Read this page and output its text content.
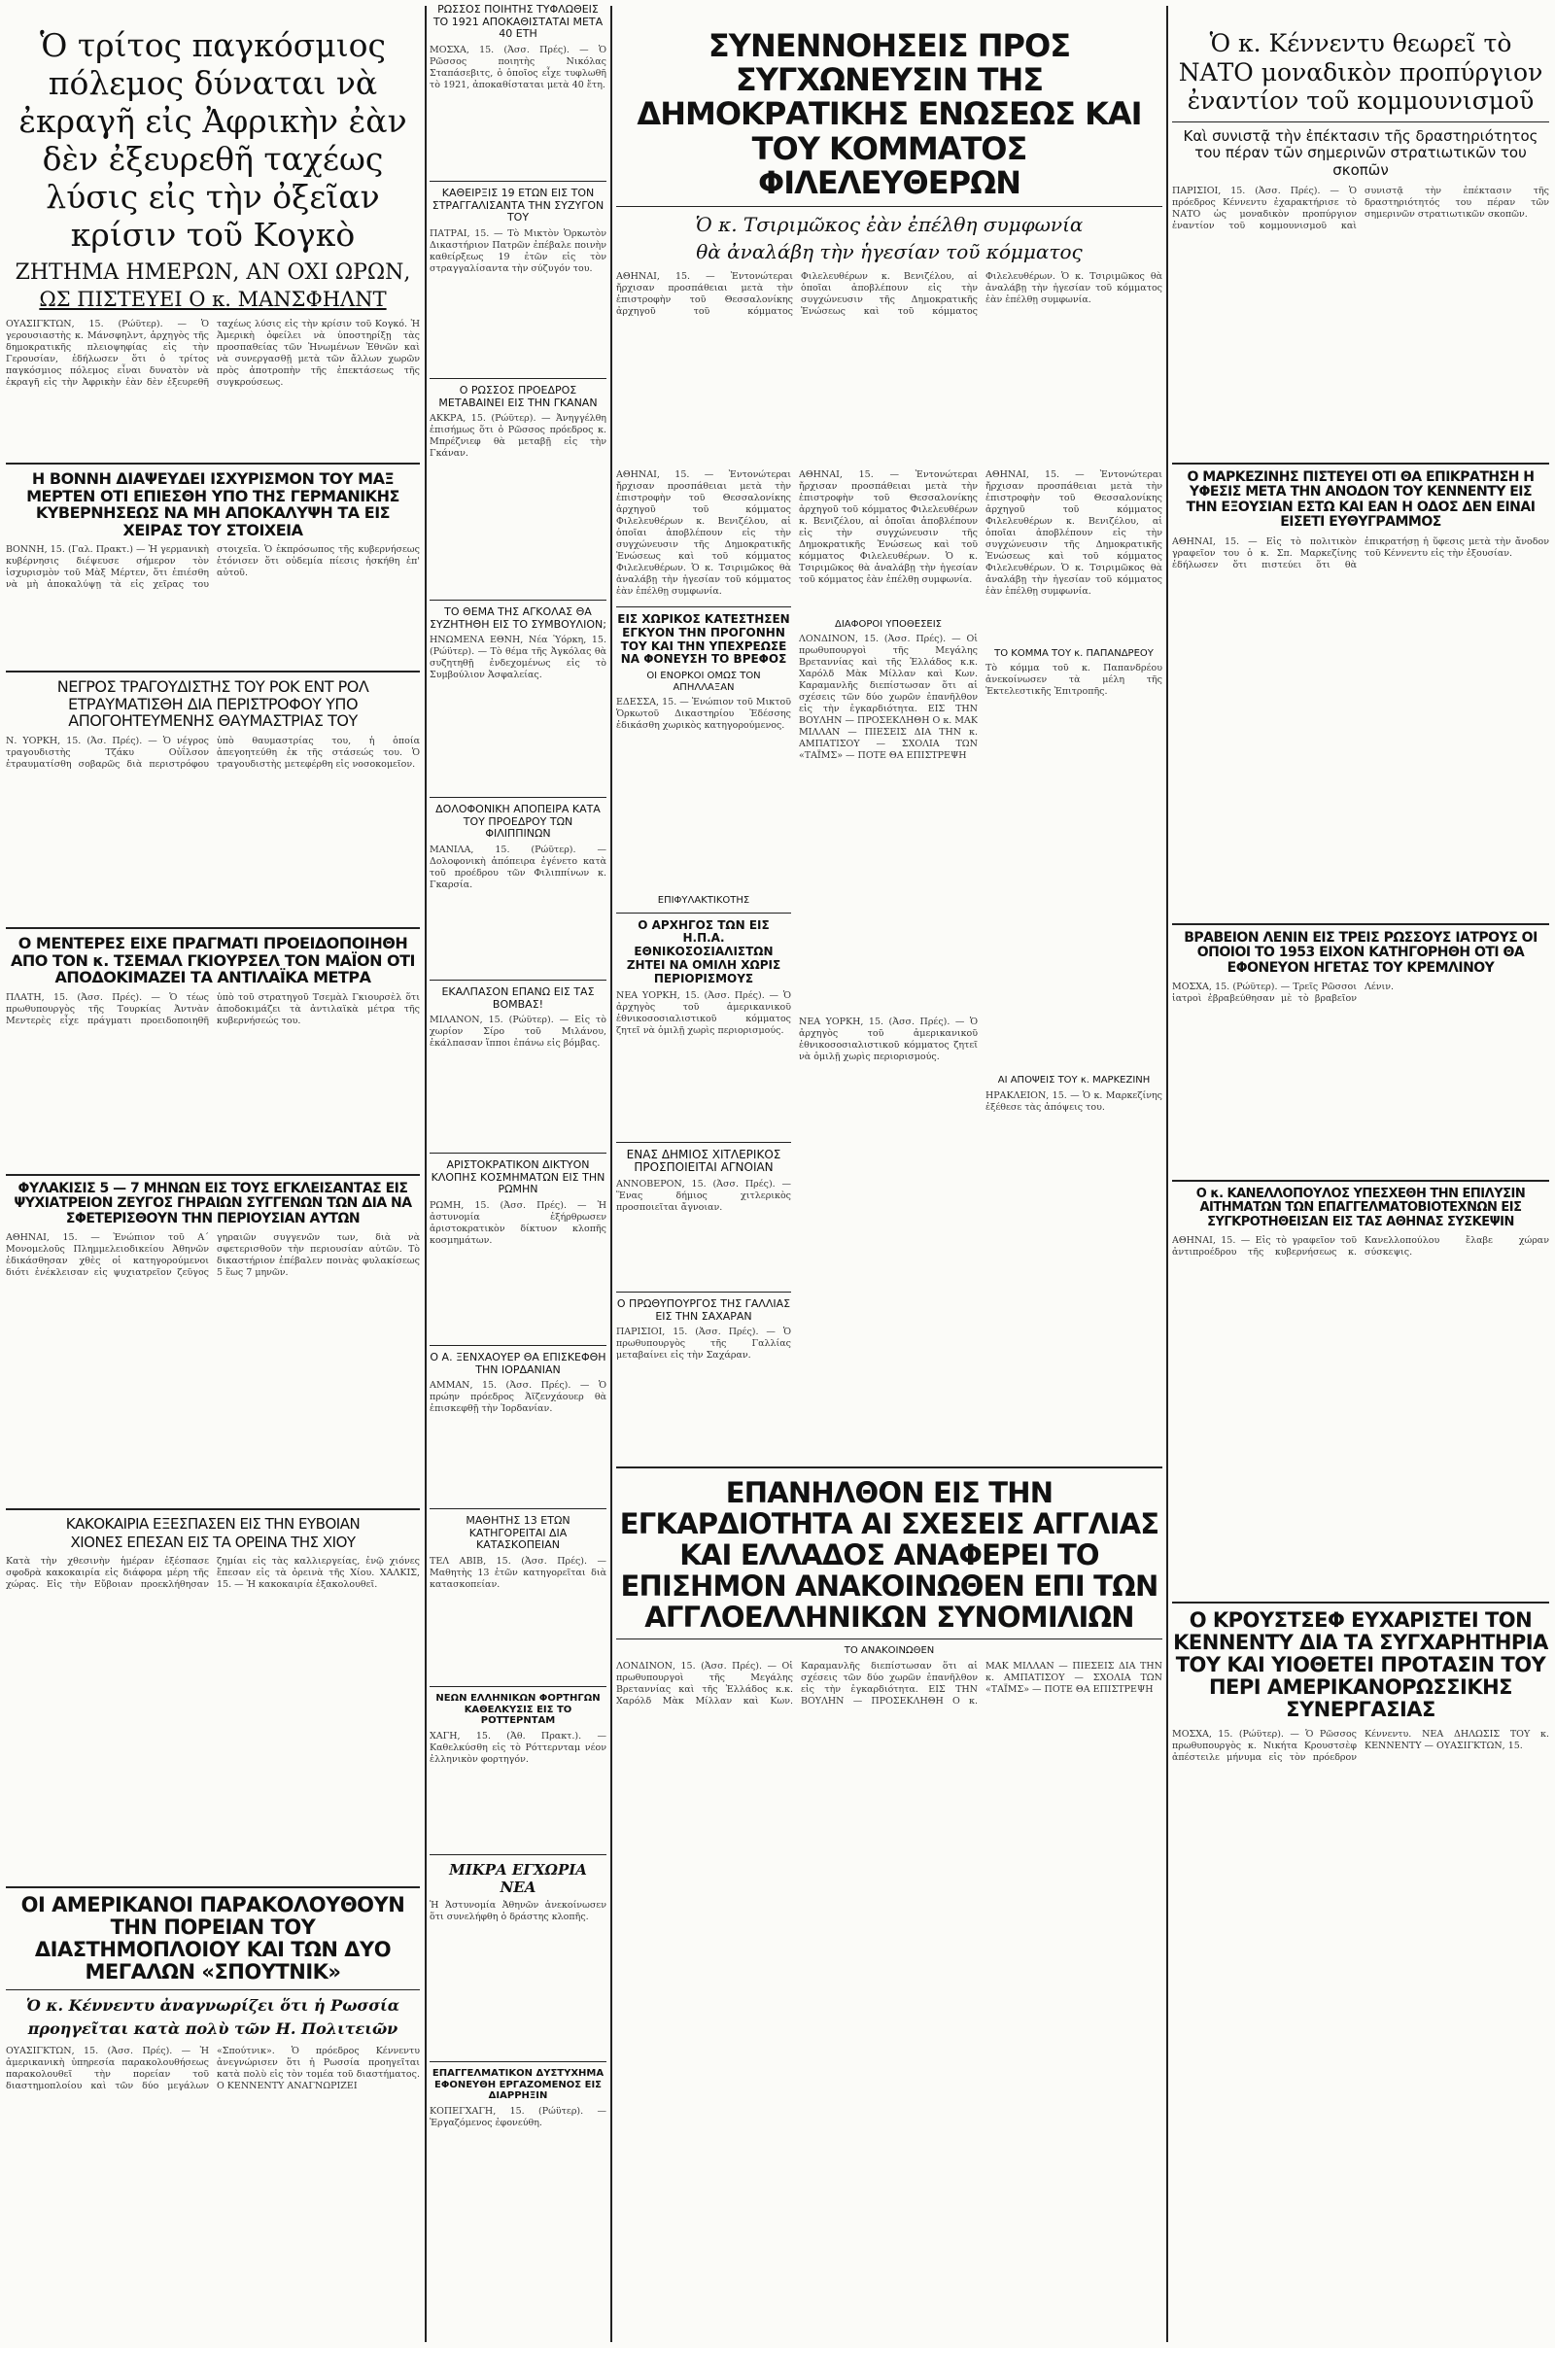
Ὁ τρίτος παγκόσμιος πόλεμος δύναται νὰ ἐκραγῆ εἰς Ἀφρικὴν ἐὰν δὲν ἐξευρεθῆ ταχέως λύσις εἰς τὴν ὀξεῖαν κρίσιν τοῦ Κογκὸ
ΖΗΤΗΜΑ ΗΜΕΡΩΝ, ΑΝ ΟΧΙ ΩΡΩΝ,
ΩΣ ΠΙΣΤΕΥΕΙ Ο κ. ΜΑΝΣΦΗΛΝΤ
ΟΥΑΣΙΓΚΤΩΝ, 15. (Ρώϋτερ). — Ὁ γερουσιαστὴς κ. Μάνσφηλντ, ἀρχηγὸς τῆς δημοκρατικῆς πλειοψηφίας εἰς τὴν Γερουσίαν, ἐδήλωσεν ὅτι ὁ τρίτος παγκόσμιος πόλεμος εἶναι δυνατὸν νὰ ἐκραγῆ εἰς τὴν Ἀφρικὴν ἐὰν δὲν ἐξευρεθῆ ταχέως λύσις εἰς τὴν κρίσιν τοῦ Κογκό. Ἡ Ἀμερικὴ ὀφείλει νὰ ὑποστηρίξῃ τὰς προσπαθείας τῶν Ἡνωμένων Ἐθνῶν καὶ νὰ συνεργασθῇ μετὰ τῶν ἄλλων χωρῶν πρὸς ἀποτροπὴν τῆς ἐπεκτάσεως τῆς συγκρούσεως.
Η ΒΟΝΝΗ ΔΙΑΨΕΥΔΕΙ ΙΣΧΥΡΙΣΜΟΝ ΤΟΥ ΜΑΞ ΜΕΡΤΕΝ ΟΤΙ ΕΠΙΕΣΘΗ ΥΠΟ ΤΗΣ ΓΕΡΜΑΝΙΚΗΣ ΚΥΒΕΡΝΗΣΕΩΣ ΝΑ ΜΗ ΑΠΟΚΑΛΥΨΗ ΤΑ ΕΙΣ ΧΕΙΡΑΣ ΤΟΥ ΣΤΟΙΧΕΙΑ
ΒΟΝΝΗ, 15. (Γαλ. Πρακτ.) — Ἡ γερμανικὴ κυβέρνησις διέψευσε σήμερον τὸν ἰσχυρισμὸν τοῦ Μὰξ Μέρτεν, ὅτι ἐπιέσθη νὰ μὴ ἀποκαλύψῃ τὰ εἰς χεῖρας του στοιχεῖα. Ὁ ἐκπρόσωπος τῆς κυβερνήσεως ἐτόνισεν ὅτι οὐδεμία πίεσις ἠσκήθη ἐπ' αὐτοῦ.
ΝΕΓΡΟΣ ΤΡΑΓΟΥΔΙΣΤΗΣ ΤΟΥ ΡΟΚ ΕΝΤ ΡΟΛ ΕΤΡΑΥΜΑΤΙΣΘΗ ΔΙΑ ΠΕΡΙΣΤΡΟΦΟΥ ΥΠΟ ΑΠΟΓΟΗΤΕΥΜΕΝΗΣ ΘΑΥΜΑΣΤΡΙΑΣ ΤΟΥ
Ν. ΥΟΡΚΗ, 15. (Ἀσ. Πρές). — Ὁ νέγρος τραγουδιστὴς Τζάκυ Οὐΐλσον ἐτραυματίσθη σοβαρῶς διὰ περιστρόφου ὑπὸ θαυμαστρίας του, ἡ ὁποία ἀπεγοητεύθη ἐκ τῆς στάσεώς του. Ὁ τραγουδιστὴς μετεφέρθη εἰς νοσοκομεῖον.
Ο ΜΕΝΤΕΡΕΣ ΕΙΧΕ ΠΡΑΓΜΑΤΙ ΠΡΟΕΙΔΟΠΟΙΗΘΗ ΑΠΟ ΤΟΝ κ. ΤΣΕΜΑΛ ΓΚΙΟΥΡΣΕΛ ΤΟΝ ΜΑΪΟΝ ΟΤΙ ΑΠΟΔΟΚΙΜΑΖΕΙ ΤΑ ΑΝΤΙΛΑΪΚΑ ΜΕΤΡΑ
ΠΛΑΤΗ, 15. (Ἀσσ. Πρές). — Ὁ τέως πρωθυπουργὸς τῆς Τουρκίας Ἀντνὰν Μεντερὲς εἶχε πράγματι προειδοποιηθῆ ὑπὸ τοῦ στρατηγοῦ Τσεμὰλ Γκιουρσὲλ ὅτι ἀποδοκιμάζει τὰ ἀντιλαϊκὰ μέτρα τῆς κυβερνήσεώς του.
ΦΥΛΑΚΙΣΙΣ 5 — 7 ΜΗΝΩΝ ΕΙΣ ΤΟΥΣ ΕΓΚΛΕΙΣΑΝΤΑΣ ΕΙΣ ΨΥΧΙΑΤΡΕΙΟΝ ΖΕΥΓΟΣ ΓΗΡΑΙΩΝ ΣΥΓΓΕΝΩΝ ΤΩΝ ΔΙΑ ΝΑ ΣΦΕΤΕΡΙΣΘΟΥΝ ΤΗΝ ΠΕΡΙΟΥΣΙΑΝ ΑΥΤΩΝ
ΑΘΗΝΑΙ, 15. — Ἐνώπιον τοῦ Α΄ Μονομελοῦς Πλημμελειοδικείου Ἀθηνῶν ἐδικάσθησαν χθὲς οἱ κατηγορούμενοι διότι ἐνέκλεισαν εἰς ψυχιατρεῖον ζεῦγος γηραιῶν συγγενῶν των, διὰ νὰ σφετερισθοῦν τὴν περιουσίαν αὐτῶν. Τὸ δικαστήριον ἐπέβαλεν ποινὰς φυλακίσεως 5 ἕως 7 μηνῶν.
ΚΑΚΟΚΑΙΡΙΑ ΕΞΕΣΠΑΣΕΝ ΕΙΣ ΤΗΝ ΕΥΒΟΙΑΝ
ΧΙΟΝΕΣ ΕΠΕΣΑΝ ΕΙΣ ΤΑ ΟΡΕΙΝΑ ΤΗΣ ΧΙΟΥ
Κατὰ τὴν χθεσινὴν ἡμέραν ἐξέσπασε σφοδρὰ κακοκαιρία εἰς διάφορα μέρη τῆς χώρας. Εἰς τὴν Εὔβοιαν προεκλήθησαν ζημίαι εἰς τὰς καλλιεργείας, ἐνῷ χιόνες ἔπεσαν εἰς τὰ ὀρεινὰ τῆς Χίου. ΧΑΛΚΙΣ, 15. — Ἡ κακοκαιρία ἐξακολουθεῖ.
ΟΙ ΑΜΕΡΙΚΑΝΟΙ ΠΑΡΑΚΟΛΟΥΘΟΥΝ ΤΗΝ ΠΟΡΕΙΑΝ ΤΟΥ ΔΙΑΣΤΗΜΟΠΛΟΙΟΥ ΚΑΙ ΤΩΝ ΔΥΟ ΜΕΓΑΛΩΝ «ΣΠΟΥΤΝΙΚ»
Ὁ κ. Κέννεντυ ἀναγνωρίζει ὅτι ἡ Ρωσσία
προηγεῖται κατὰ πολὺ τῶν Η. Πολιτειῶν
ΟΥΑΣΙΓΚΤΩΝ, 15. (Ἀσσ. Πρές). — Ἡ ἀμερικανικὴ ὑπηρεσία παρακολουθήσεως παρακολουθεῖ τὴν πορείαν τοῦ διαστημοπλοίου καὶ τῶν δύο μεγάλων «Σπούτνικ». Ὁ πρόεδρος Κέννεντυ ἀνεγνώρισεν ὅτι ἡ Ρωσσία προηγεῖται κατὰ πολὺ εἰς τὸν τομέα τοῦ διαστήματος. Ο ΚΕΝΝΕΝΤΥ ΑΝΑΓΝΩΡΙΖΕΙ
ΡΩΣΣΟΣ ΠΟΙΗΤΗΣ ΤΥΦΛΩΘΕΙΣ ΤΟ 1921 ΑΠΟΚΑΘΙΣΤΑΤΑΙ ΜΕΤΑ 40 ΕΤΗ
ΜΟΣΧΑ, 15. (Ἀσσ. Πρές). — Ὁ Ρῶσσος ποιητὴς Νικόλας Σταπάσεβιτς, ὁ ὁποῖος εἶχε τυφλωθῆ τὸ 1921, ἀποκαθίσταται μετὰ 40 ἔτη.
ΚΑΘΕΙΡΞΙΣ 19 ΕΤΩΝ ΕΙΣ ΤΟΝ ΣΤΡΑΓΓΑΛΙΣΑΝΤΑ ΤΗΝ ΣΥΖΥΓΟΝ ΤΟΥ
ΠΑΤΡΑΙ, 15. — Τὸ Μικτὸν Ὁρκωτὸν Δικαστήριον Πατρῶν ἐπέβαλε ποινὴν καθείρξεως 19 ἐτῶν εἰς τὸν στραγγαλίσαντα τὴν σύζυγόν του.
Ο ΡΩΣΣΟΣ ΠΡΟΕΔΡΟΣ ΜΕΤΑΒΑΙΝΕΙ ΕΙΣ ΤΗΝ ΓΚΑΝΑΝ
ΑΚΚΡΑ, 15. (Ρώϋτερ). — Ἀνηγγέλθη ἐπισήμως ὅτι ὁ Ρῶσσος πρόεδρος κ. Μπρέζνιεφ θὰ μεταβῇ εἰς τὴν Γκάναν.
ΤΟ ΘΕΜΑ ΤΗΣ ΑΓΚΟΛΑΣ ΘΑ ΣΥΖΗΤΗΘΗ ΕΙΣ ΤΟ ΣΥΜΒΟΥΛΙΟΝ;
ΗΝΩΜΕΝΑ ΕΘΝΗ, Νέα Ὑόρκη, 15. (Ρώϋτερ). — Τὸ θέμα τῆς Ἀγκόλας θὰ συζητηθῇ ἐνδεχομένως εἰς τὸ Συμβούλιον Ἀσφαλείας.
ΔΟΛΟΦΟΝΙΚΗ ΑΠΟΠΕΙΡΑ ΚΑΤΑ ΤΟΥ ΠΡΟΕΔΡΟΥ ΤΩΝ ΦΙΛΙΠΠΙΝΩΝ
ΜΑΝΙΛΑ, 15. (Ρώϋτερ). — Δολοφονικὴ ἀπόπειρα ἐγένετο κατὰ τοῦ προέδρου τῶν Φιλιππίνων κ. Γκαρσία.
ΕΚΑΛΠΑΣΟΝ ΕΠΑΝΩ ΕΙΣ ΤΑΣ ΒΟΜΒΑΣ!
ΜΙΛΑΝΟΝ, 15. (Ρώϋτερ). — Εἰς τὸ χωρίον Σίρο τοῦ Μιλάνου, ἐκάλπασαν ἵπποι ἐπάνω εἰς βόμβας.
ΑΡΙΣΤΟΚΡΑΤΙΚΟΝ ΔΙΚΤΥΟΝ ΚΛΟΠΗΣ ΚΟΣΜΗΜΑΤΩΝ ΕΙΣ ΤΗΝ ΡΩΜΗΝ
ΡΩΜΗ, 15. (Ἀσσ. Πρές). — Ἡ ἀστυνομία ἐξήρθρωσεν ἀριστοκρατικὸν δίκτυον κλοπῆς κοσμημάτων.
Ο Α. ΞΕΝΧΑΟΥΕΡ ΘΑ ΕΠΙΣΚΕΦΘΗ ΤΗΝ ΙΟΡΔΑΝΙΑΝ
ΑΜΜΑΝ, 15. (Ἀσσ. Πρές). — Ὁ πρώην πρόεδρος Ἀϊζενχάουερ θὰ ἐπισκεφθῇ τὴν Ἰορδανίαν.
ΜΑΘΗΤΗΣ 13 ΕΤΩΝ ΚΑΤΗΓΟΡΕΙΤΑΙ ΔΙΑ ΚΑΤΑΣΚΟΠΕΙΑΝ
ΤΕΛ ΑΒΙΒ, 15. (Ἀσσ. Πρές). — Μαθητὴς 13 ἐτῶν κατηγορεῖται διὰ κατασκοπείαν.
ΝΕΩΝ ΕΛΛΗΝΙΚΩΝ ΦΟΡΤΗΓΩΝ ΚΑΘΕΛΚΥΣΙΣ ΕΙΣ ΤΟ ΡΟΤΤΕΡΝΤΑΜ
ΧΑΓΗ, 15. (Ἀθ. Πρακτ.). — Καθελκύσθη εἰς τὸ Ρόττερνταμ νέον ἑλληνικὸν φορτηγόν.
ΜΙΚΡΑ ΕΓΧΩΡΙΑ ΝΕΑ
Ἡ Ἀστυνομία Ἀθηνῶν ἀνεκοίνωσεν ὅτι συνελήφθη ὁ δράστης κλοπῆς.
ΕΠΑΓΓΕΛΜΑΤΙΚΟΝ ΔΥΣΤΥΧΗΜΑ ΕΦΟΝΕΥΘΗ ΕΡΓΑΖΟΜΕΝΟΣ ΕΙΣ ΔΙΑΡΡΗΞΙΝ
ΚΟΠΕΓΧΑΓΗ, 15. (Ρώϋτερ). — Ἐργαζόμενος ἐφονεύθη.
ΣΥΝΕΝΝΟΗΣΕΙΣ ΠΡΟΣ ΣΥΓΧΩΝΕΥΣΙΝ ΤΗΣ ΔΗΜΟΚΡΑΤΙΚΗΣ ΕΝΩΣΕΩΣ ΚΑΙ ΤΟΥ ΚΟΜΜΑΤΟΣ ΦΙΛΕΛΕΥΘΕΡΩΝ
Ὁ κ. Τσιριμῶκος ἐὰν ἐπέλθη συμφωνία
θὰ ἀναλάβη τὴν ἡγεσίαν τοῦ κόμματος
ΑΘΗΝΑΙ, 15. — Ἐντονώτεραι ἤρχισαν προσπάθειαι μετὰ τὴν ἐπιστροφὴν τοῦ Θεσσαλονίκης ἀρχηγοῦ τοῦ κόμματος Φιλελευθέρων κ. Βενιζέλου, αἱ ὁποῖαι ἀποβλέπουν εἰς τὴν συγχώνευσιν τῆς Δημοκρατικῆς Ἑνώσεως καὶ τοῦ κόμματος Φιλελευθέρων. Ὁ κ. Τσιριμῶκος θὰ ἀναλάβῃ τὴν ἡγεσίαν τοῦ κόμματος ἐὰν ἐπέλθῃ συμφωνία.
ΑΘΗΝΑΙ, 15. — Ἐντονώτεραι ἤρχισαν προσπάθειαι μετὰ τὴν ἐπιστροφὴν τοῦ Θεσσαλονίκης ἀρχηγοῦ τοῦ κόμματος Φιλελευθέρων κ. Βενιζέλου, αἱ ὁποῖαι ἀποβλέπουν εἰς τὴν συγχώνευσιν τῆς Δημοκρατικῆς Ἑνώσεως καὶ τοῦ κόμματος Φιλελευθέρων. Ὁ κ. Τσιριμῶκος θὰ ἀναλάβῃ τὴν ἡγεσίαν τοῦ κόμματος ἐὰν ἐπέλθῃ συμφωνία.
ΕΙΣ ΧΩΡΙΚΟΣ ΚΑΤΕΣΤΗΣΕΝ ΕΓΚΥΟΝ ΤΗΝ ΠΡΟΓΟΝΗΝ ΤΟΥ ΚΑΙ ΤΗΝ ΥΠΕΧΡΕΩΣΕ ΝΑ ΦΟΝΕΥΣΗ ΤΟ ΒΡΕΦΟΣ
ΟΙ ΕΝΟΡΚΟΙ ΟΜΩΣ ΤΟΝ ΑΠΗΛΛΑΞΑΝ
ΕΔΕΣΣΑ, 15. — Ἐνώπιον τοῦ Μικτοῦ Ὁρκωτοῦ Δικαστηρίου Ἐδέσσης ἐδικάσθη χωρικὸς κατηγορούμενος.
ΕΠΙΦΥΛΑΚΤΙΚΟΤΗΣ
Ο ΑΡΧΗΓΟΣ ΤΩΝ ΕΙΣ Η.Π.Α. ΕΘΝΙΚΟΣΟΣΙΑΛΙΣΤΩΝ ΖΗΤΕΙ ΝΑ ΟΜΙΛΗ ΧΩΡΙΣ ΠΕΡΙΟΡΙΣΜΟΥΣ
ΝΕΑ ΥΟΡΚΗ, 15. (Ἀσσ. Πρές). — Ὁ ἀρχηγὸς τοῦ ἀμερικανικοῦ ἐθνικοσοσιαλιστικοῦ κόμματος ζητεῖ νὰ ὁμιλῇ χωρὶς περιορισμούς.
ΕΝΑΣ ΔΗΜΙΟΣ ΧΙΤΛΕΡΙΚΟΣ ΠΡΟΣΠΟΙΕΙΤΑΙ ΑΓΝΟΙΑΝ
ΑΝΝΟΒΕΡΟΝ, 15. (Ἀσσ. Πρές). — Ἕνας δήμιος χιτλερικὸς προσποιεῖται ἄγνοιαν.
Ο ΠΡΩΘΥΠΟΥΡΓΟΣ ΤΗΣ ΓΑΛΛΙΑΣ ΕΙΣ ΤΗΝ ΣΑΧΑΡΑΝ
ΠΑΡΙΣΙΟΙ, 15. (Ἀσσ. Πρές). — Ὁ πρωθυπουργὸς τῆς Γαλλίας μεταβαίνει εἰς τὴν Σαχάραν.
ΑΘΗΝΑΙ, 15. — Ἐντονώτεραι ἤρχισαν προσπάθειαι μετὰ τὴν ἐπιστροφὴν τοῦ Θεσσαλονίκης ἀρχηγοῦ τοῦ κόμματος Φιλελευθέρων κ. Βενιζέλου, αἱ ὁποῖαι ἀποβλέπουν εἰς τὴν συγχώνευσιν τῆς Δημοκρατικῆς Ἑνώσεως καὶ τοῦ κόμματος Φιλελευθέρων. Ὁ κ. Τσιριμῶκος θὰ ἀναλάβῃ τὴν ἡγεσίαν τοῦ κόμματος ἐὰν ἐπέλθῃ συμφωνία.
ΔΙΑΦΟΡΟΙ ΥΠΟΘΕΣΕΙΣ
ΛΟΝΔΙΝΟΝ, 15. (Ἀσσ. Πρές). — Οἱ πρωθυπουργοὶ τῆς Μεγάλης Βρεταννίας καὶ τῆς Ἑλλάδος κ.κ. Χαρόλδ Μὰκ Μίλλαν καὶ Κων. Καραμανλῆς διεπίστωσαν ὅτι αἱ σχέσεις τῶν δύο χωρῶν ἐπανῆλθον εἰς τὴν ἐγκαρδιότητα. ΕΙΣ ΤΗΝ ΒΟΥΛΗΝ — ΠΡΟΣΕΚΛΗΘΗ Ο κ. ΜΑΚ ΜΙΛΛΑΝ — ΠΙΕΣΕΙΣ ΔΙΑ ΤΗΝ κ. ΑΜΠΑΤΙΣΟΥ — ΣΧΟΛΙΑ ΤΩΝ «ΤΑΪΜΣ» — ΠΟΤΕ ΘΑ ΕΠΙΣΤΡΕΨΗ
ΝΕΑ ΥΟΡΚΗ, 15. (Ἀσσ. Πρές). — Ὁ ἀρχηγὸς τοῦ ἀμερικανικοῦ ἐθνικοσοσιαλιστικοῦ κόμματος ζητεῖ νὰ ὁμιλῇ χωρὶς περιορισμούς.
ΑΘΗΝΑΙ, 15. — Ἐντονώτεραι ἤρχισαν προσπάθειαι μετὰ τὴν ἐπιστροφὴν τοῦ Θεσσαλονίκης ἀρχηγοῦ τοῦ κόμματος Φιλελευθέρων κ. Βενιζέλου, αἱ ὁποῖαι ἀποβλέπουν εἰς τὴν συγχώνευσιν τῆς Δημοκρατικῆς Ἑνώσεως καὶ τοῦ κόμματος Φιλελευθέρων. Ὁ κ. Τσιριμῶκος θὰ ἀναλάβῃ τὴν ἡγεσίαν τοῦ κόμματος ἐὰν ἐπέλθῃ συμφωνία.
ΤΟ ΚΟΜΜΑ ΤΟΥ κ. ΠΑΠΑΝΔΡΕΟΥ
Τὸ κόμμα τοῦ κ. Παπανδρέου ἀνεκοίνωσεν τὰ μέλη τῆς Ἐκτελεστικῆς Ἐπιτροπῆς.
ΑΙ ΑΠΟΨΕΙΣ ΤΟΥ κ. ΜΑΡΚΕΖΙΝΗ
ΗΡΑΚΛΕΙΟΝ, 15. — Ὁ κ. Μαρκεζίνης ἐξέθεσε τὰς ἀπόψεις του.
ΕΠΑΝΗΛΘΟΝ ΕΙΣ ΤΗΝ ΕΓΚΑΡΔΙΟΤΗΤΑ ΑΙ ΣΧΕΣΕΙΣ ΑΓΓΛΙΑΣ ΚΑΙ ΕΛΛΑΔΟΣ ΑΝΑΦΕΡΕΙ ΤΟ ΕΠΙΣΗΜΟΝ ΑΝΑΚΟΙΝΩΘΕΝ ΕΠΙ ΤΩΝ ΑΓΓΛΟΕΛΛΗΝΙΚΩΝ ΣΥΝΟΜΙΛΙΩΝ
ΤΟ ΑΝΑΚΟΙΝΩΘΕΝ
ΛΟΝΔΙΝΟΝ, 15. (Ἀσσ. Πρές). — Οἱ πρωθυπουργοὶ τῆς Μεγάλης Βρεταννίας καὶ τῆς Ἑλλάδος κ.κ. Χαρόλδ Μὰκ Μίλλαν καὶ Κων. Καραμανλῆς διεπίστωσαν ὅτι αἱ σχέσεις τῶν δύο χωρῶν ἐπανῆλθον εἰς τὴν ἐγκαρδιότητα. ΕΙΣ ΤΗΝ ΒΟΥΛΗΝ — ΠΡΟΣΕΚΛΗΘΗ Ο κ. ΜΑΚ ΜΙΛΛΑΝ — ΠΙΕΣΕΙΣ ΔΙΑ ΤΗΝ κ. ΑΜΠΑΤΙΣΟΥ — ΣΧΟΛΙΑ ΤΩΝ «ΤΑΪΜΣ» — ΠΟΤΕ ΘΑ ΕΠΙΣΤΡΕΨΗ
Ὁ κ. Κέννεντυ θεωρεῖ τὸ ΝΑΤΟ μοναδικὸν προπύργιον ἐναντίον τοῦ κομμουνισμοῦ
Καὶ συνιστᾷ τὴν ἐπέκτασιν τῆς δραστηριότητος του πέραν τῶν σημερινῶν στρατιωτικῶν του σκοπῶν
ΠΑΡΙΣΙΟΙ, 15. (Ἀσσ. Πρές). — Ὁ πρόεδρος Κέννεντυ ἐχαρακτήρισε τὸ ΝΑΤΟ ὡς μοναδικὸν προπύργιον ἐναντίον τοῦ κομμουνισμοῦ καὶ συνιστᾷ τὴν ἐπέκτασιν τῆς δραστηριότητός του πέραν τῶν σημερινῶν στρατιωτικῶν σκοπῶν.
Ο ΜΑΡΚΕΖΙΝΗΣ ΠΙΣΤΕΥΕΙ ΟΤΙ ΘΑ ΕΠΙΚΡΑΤΗΣΗ Η ΥΦΕΣΙΣ ΜΕΤΑ ΤΗΝ ΑΝΟΔΟΝ ΤΟΥ ΚΕΝΝΕΝΤΥ ΕΙΣ ΤΗΝ ΕΞΟΥΣΙΑΝ ΕΣΤΩ ΚΑΙ ΕΑΝ Η ΟΔΟΣ ΔΕΝ ΕΙΝΑΙ ΕΙΣΕΤΙ ΕΥΘΥΓΡΑΜΜΟΣ
ΑΘΗΝΑΙ, 15. — Εἰς τὸ πολιτικὸν γραφεῖον του ὁ κ. Σπ. Μαρκεζίνης ἐδήλωσεν ὅτι πιστεύει ὅτι θὰ ἐπικρατήσῃ ἡ ὕφεσις μετὰ τὴν ἄνοδον τοῦ Κέννεντυ εἰς τὴν ἐξουσίαν.
ΒΡΑΒΕΙΟΝ ΛΕΝΙΝ ΕΙΣ ΤΡΕΙΣ ΡΩΣΣΟΥΣ ΙΑΤΡΟΥΣ ΟΙ ΟΠΟΙΟΙ ΤΟ 1953 ΕΙΧΟΝ ΚΑΤΗΓΟΡΗΘΗ ΟΤΙ ΘΑ ΕΦΟΝΕΥΟΝ ΗΓΕΤΑΣ ΤΟΥ ΚΡΕΜΛΙΝΟΥ
ΜΟΣΧΑ, 15. (Ρώϋτερ). — Τρεῖς Ρῶσσοι ἰατροὶ ἐβραβεύθησαν μὲ τὸ βραβεῖον Λένιν.
Ο κ. ΚΑΝΕΛΛΟΠΟΥΛΟΣ ΥΠΕΣΧΕΘΗ ΤΗΝ ΕΠΙΛΥΣΙΝ ΑΙΤΗΜΑΤΩΝ ΤΩΝ ΕΠΑΓΓΕΛΜΑΤΟΒΙΟΤΕΧΝΩΝ ΕΙΣ ΣΥΓΚΡΟΤΗΘΕΙΣΑΝ ΕΙΣ ΤΑΣ ΑΘΗΝΑΣ ΣΥΣΚΕΨΙΝ
ΑΘΗΝΑΙ, 15. — Εἰς τὸ γραφεῖον τοῦ ἀντιπροέδρου τῆς κυβερνήσεως κ. Κανελλοπούλου ἔλαβε χώραν σύσκεψις.
Ο ΚΡΟΥΣΤΣΕΦ ΕΥΧΑΡΙΣΤΕΙ ΤΟΝ ΚΕΝΝΕΝΤΥ ΔΙΑ ΤΑ ΣΥΓΧΑΡΗΤΗΡΙΑ ΤΟΥ ΚΑΙ ΥΙΟΘΕΤΕΙ ΠΡΟΤΑΣΙΝ ΤΟΥ ΠΕΡΙ ΑΜΕΡΙΚΑΝΟΡΩΣΣΙΚΗΣ ΣΥΝΕΡΓΑΣΙΑΣ
ΜΟΣΧΑ, 15. (Ρώϋτερ). — Ὁ Ρῶσσος πρωθυπουργὸς κ. Νικήτα Κρουστσὲφ ἀπέστειλε μήνυμα εἰς τὸν πρόεδρον Κέννεντυ. ΝΕΑ ΔΗΛΩΣΙΣ ΤΟΥ κ. ΚΕΝΝΕΝΤΥ — ΟΥΑΣΙΓΚΤΩΝ, 15.
